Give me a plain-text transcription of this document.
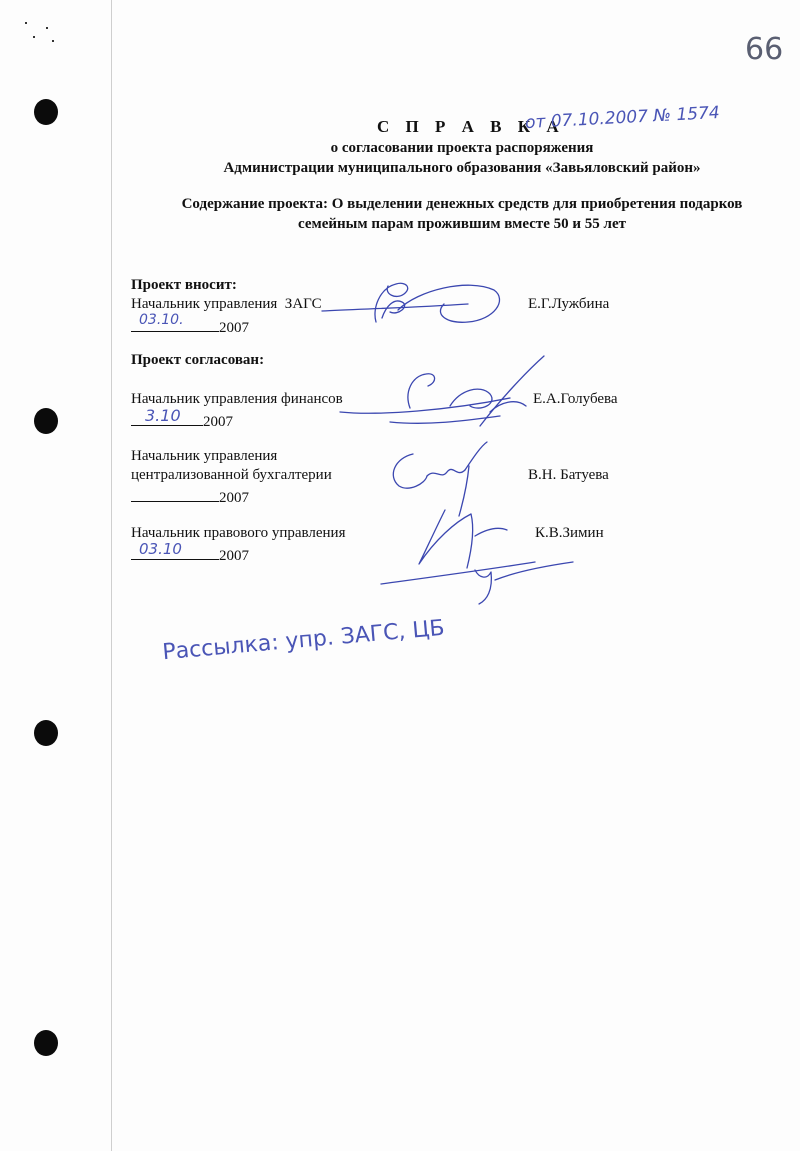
66
С П Р А В К А
от 07.10.2007 № 1574
о согласовании проекта распоряжения
Администрации муниципального образования «Завьяловский район»
Содержание проекта: О выделении денежных средств для приобретения подарков
семейным парам прожившим вместе 50 и 55 лет
Проект вносит:
Начальник управления  ЗАГС	Е.Г.Лужбина
03.10. 2007
Проект согласован:
Начальник управления финансов	Е.А.Голубева
3.10 2007
Начальник управления
централизованной бухгалтерии	В.Н. Батуева
2007
Начальник правового управления	К.В.Зимин
03.10 2007
Рассылка: упр. ЗАГС, ЦБ
